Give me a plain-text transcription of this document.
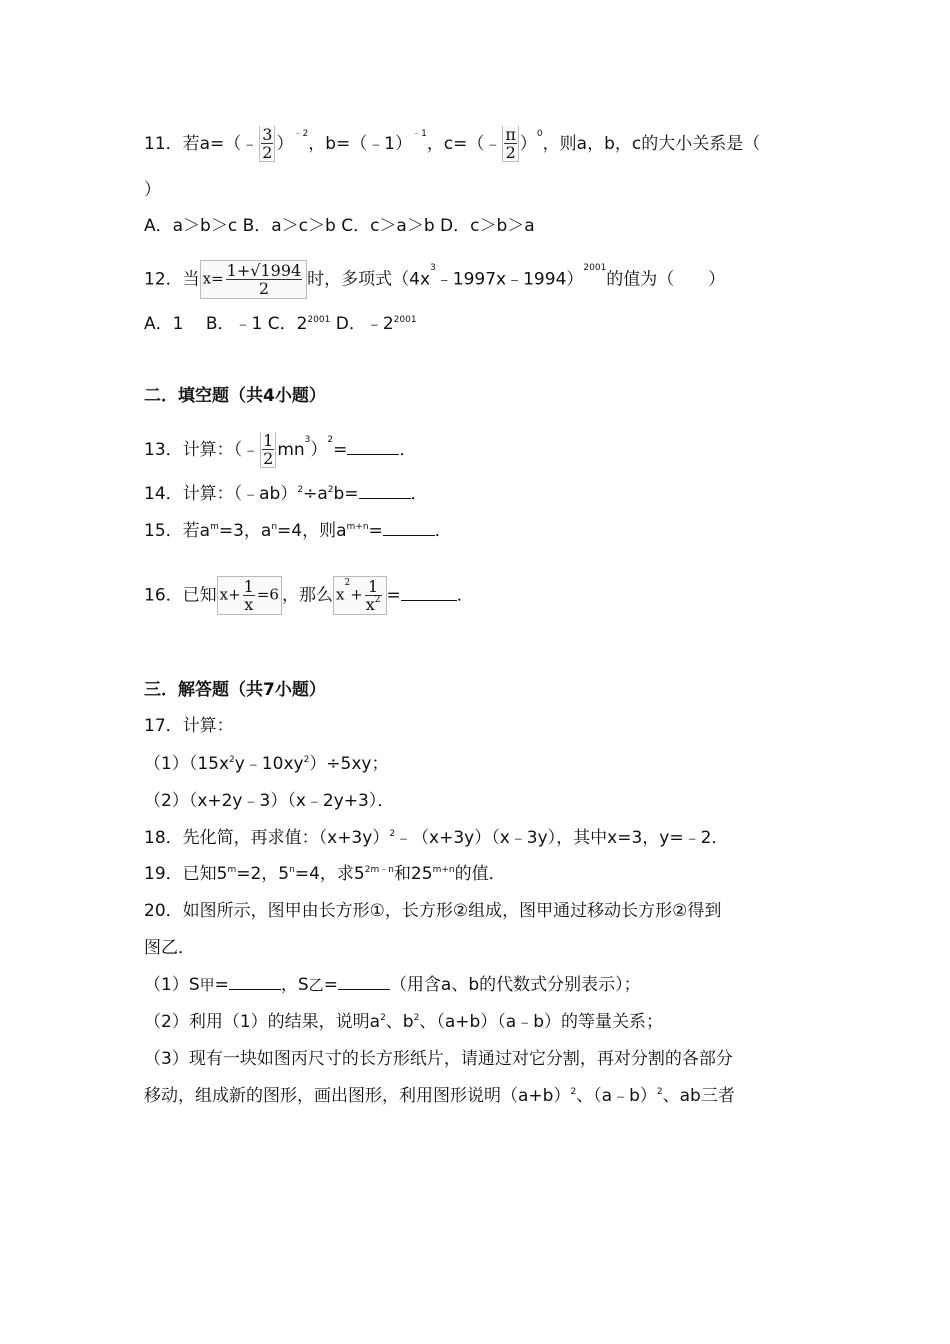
11．若a=（﹣ $\frac{3}{2} )^{﹣2}$，b=（﹣1）$^{﹣1}$，c=（﹣ $\frac{\pi}{2} )^0$，则a，b，c的大小关系是（
）
A．a＞b＞c B．a＞c＞b C．c＞a＞b D．c＞b＞a
12．当 $x= \frac{1+√1994}{2}$ 时，多项式$(4x^3﹣1997x﹣1994)^{2001}$的值为（　　）
A．1　 B．﹣1 C．$2^{2001}$ D．$﹣2^{2001}$
二．填空题（共4小题）
13．计算：（﹣ $\frac{1}{2} mn^3)^2=$	．
14．计算：$(﹣ab)^2\div a^2b=$	．
15．若$a^m=3$，$a^n=4$，则$a^{m+n}=$	．
16．已知 $x+ \frac{1}{x} =6$ ，那么 $x^2+ \frac{1}{x^2}$ =	．
三．解答题（共7小题）
17．计算：
$(1)(15x^2y﹣10xy^2)\div 5xy$；
（2）（x+2y﹣3）（x﹣2y+3）．
18．先化简，再求值：$(x+3y)^2﹣(x+3y)(x﹣3y)$，其中x=3，y=﹣2．
19．已知$5^m=2$，$5^n=4$，求$5^{2m﹣n}$和$25^{m+n}$的值．
20．如图所示，图甲由长方形①，长方形②组成，图甲通过移动长方形②得到
图乙．
（1）S甲=	，S乙=	（用含a、b的代数式分别表示）；
（2）利用（1）的结果，说明$a^2$、$b^2$、（a+b）（a﹣b）的等量关系；
（3）现有一块如图丙尺寸的长方形纸片，请通过对它分割，再对分割的各部分
移动，组成新的图形，画出图形，利用图形说明$(a+b)^2$、（a﹣b）$^2$、ab三者
